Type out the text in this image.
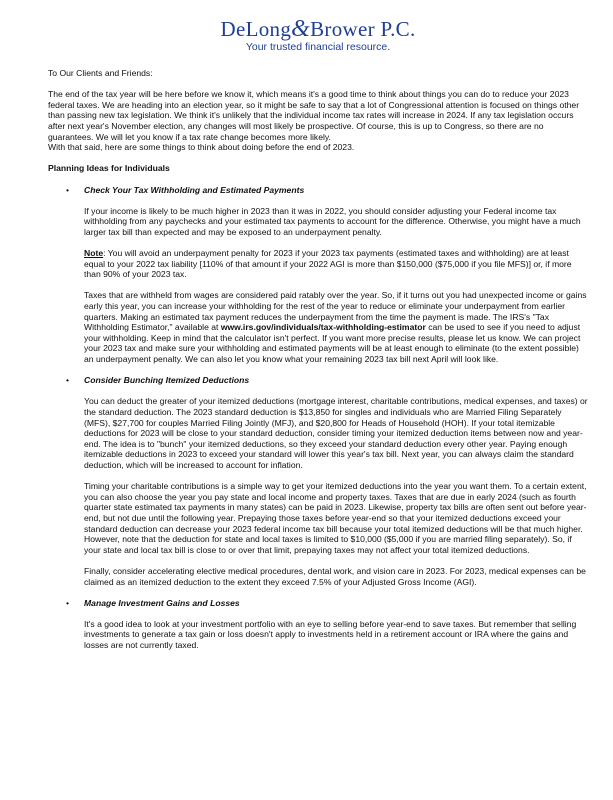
DeLong&Brower P.C.
Your trusted financial resource.

To Our Clients and Friends:

The end of the tax year will be here before we know it, which means it's a good time to think about things you can do to reduce your 2023 federal taxes. We are heading into an election year, so it might be safe to say that a lot of Congressional attention is focused on things other than passing new tax legislation. We think it's unlikely that the individual income tax rates will increase in 2024. If any tax legislation occurs after next year's November election, any changes will most likely be prospective. Of course, this is up to Congress, so there are no guarantees. We will let you know if a tax rate change becomes more likely.

With that said, here are some things to think about doing before the end of 2023.

Planning Ideas for Individuals

• Check Your Tax Withholding and Estimated Payments

If your income is likely to be much higher in 2023 than it was in 2022, you should consider adjusting your Federal income tax withholding from any paychecks and your estimated tax payments to account for the difference. Otherwise, you might have a much larger tax bill than expected and may be exposed to an underpayment penalty.

Note: You will avoid an underpayment penalty for 2023 if your 2023 tax payments (estimated taxes and withholding) are at least equal to your 2022 tax liability [110% of that amount if your 2022 AGI is more than $150,000 ($75,000 if you file MFS)] or, if more than 90% of your 2023 tax.

Taxes that are withheld from wages are considered paid ratably over the year. So, if it turns out you had unexpected income or gains early this year, you can increase your withholding for the rest of the year to reduce or eliminate your underpayment from earlier quarters. Making an estimated tax payment reduces the underpayment from the time the payment is made. The IRS's "Tax Withholding Estimator," available at www.irs.gov/individuals/tax-withholding-estimator can be used to see if you need to adjust your withholding. Keep in mind that the calculator isn't perfect. If you want more precise results, please let us know. We can project your 2023 tax and make sure your withholding and estimated payments will be at least enough to eliminate (to the extent possible) an underpayment penalty. We can also let you know what your remaining 2023 tax bill next April will look like.

• Consider Bunching Itemized Deductions

You can deduct the greater of your itemized deductions (mortgage interest, charitable contributions, medical expenses, and taxes) or the standard deduction. The 2023 standard deduction is $13,850 for singles and individuals who are Married Filing Separately (MFS), $27,700 for couples Married Filing Jointly (MFJ), and $20,800 for Heads of Household (HOH). If your total itemizable deductions for 2023 will be close to your standard deduction, consider timing your itemized deduction items between now and year-end. The idea is to "bunch" your itemized deductions, so they exceed your standard deduction every other year. Paying enough itemizable deductions in 2023 to exceed your standard will lower this year's tax bill. Next year, you can always claim the standard deduction, which will be increased to account for inflation.

Timing your charitable contributions is a simple way to get your itemized deductions into the year you want them. To a certain extent, you can also choose the year you pay state and local income and property taxes. Taxes that are due in early 2024 (such as fourth quarter state estimated tax payments in many states) can be paid in 2023. Likewise, property tax bills are often sent out before year-end, but not due until the following year. Prepaying those taxes before year-end so that your itemized deductions exceed your standard deduction can decrease your 2023 federal income tax bill because your total itemized deductions will be that much higher. However, note that the deduction for state and local taxes is limited to $10,000 ($5,000 if you are married filing separately). So, if your state and local tax bill is close to or over that limit, prepaying taxes may not affect your total itemized deductions.

Finally, consider accelerating elective medical procedures, dental work, and vision care in 2023. For 2023, medical expenses can be claimed as an itemized deduction to the extent they exceed 7.5% of your Adjusted Gross Income (AGI).

• Manage Investment Gains and Losses

It's a good idea to look at your investment portfolio with an eye to selling before year-end to save taxes. But remember that selling investments to generate a tax gain or loss doesn't apply to investments held in a retirement account or IRA where the gains and losses are not currently taxed.
